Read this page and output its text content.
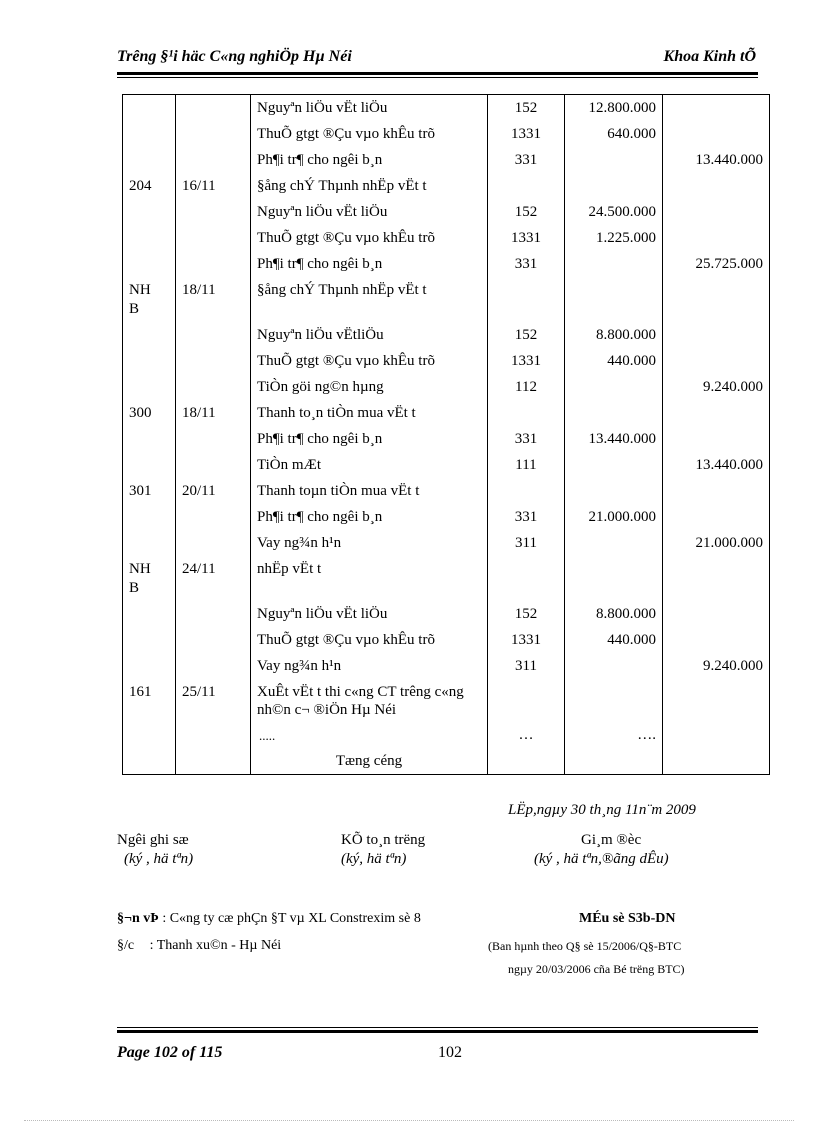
Trêng §¹i häc C«ng nghiÖp Hµ Néi	Khoa Kinh tÕ
		Nguyªn liÖu vËt liÖu	152	12.800.000	
		ThuÕ gtgt ®Çu vµo khÊu trõ	1331	640.000	
		Ph¶i tr¶ cho ngêi b¸n	331		13.440.000
204	16/11	§ång chÝ Thµnh nhËp vËt t			
		Nguyªn liÖu vËt liÖu	152	24.500.000	
		ThuÕ gtgt ®Çu vµo khÊu trõ	1331	1.225.000	
		Ph¶i tr¶ cho ngêi b¸n	331		25.725.000
NH
B	18/11	§ång chÝ Thµnh nhËp vËt t			
		Nguyªn liÖu vËtliÖu	152	8.800.000	
		ThuÕ gtgt ®Çu vµo khÊu trõ	1331	440.000	
		TiÒn göi ng©n hµng	112		9.240.000
300	18/11	Thanh to¸n tiÒn mua vËt t			
		Ph¶i tr¶ cho ngêi b¸n	331	13.440.000	
		TiÒn mÆt	111		13.440.000
301	20/11	Thanh toµn tiÒn mua vËt t			
		Ph¶i tr¶ cho ngêi b¸n	331	21.000.000	
		Vay ng¾n h¹n	311		21.000.000
NH
B	24/11	nhËp vËt t			
		Nguyªn liÖu vËt liÖu	152	8.800.000	
		ThuÕ gtgt ®Çu vµo khÊu trõ	1331	440.000	
		Vay ng¾n h¹n	311		9.240.000
161	25/11	XuÊt vËt t thi c«ng CT trêng c«ng nh©n c¬ ®iÖn Hµ Néi			
		.....	…	….	
		Tæng céng			
LËp,ngµy 30 th¸ng 11n¨m 2009
Ngêi ghi sæ
(ký , hä tªn)
KÕ to¸n trëng
(ký, hä tªn)
Gi¸m ®èc
(ký , hä tªn,®ãng dÊu)
§¬n vÞ : C«ng ty cæ phÇn §T vµ XL Constrexim sè 8	MÉu sè S3b-DN
§/c : Thanh xu©n - Hµ Néi	(Ban hµnh theo Q§ sè 15/2006/Q§-BTC
ngµy 20/03/2006 cña Bé trëng BTC)
Page 102 of 115	102
